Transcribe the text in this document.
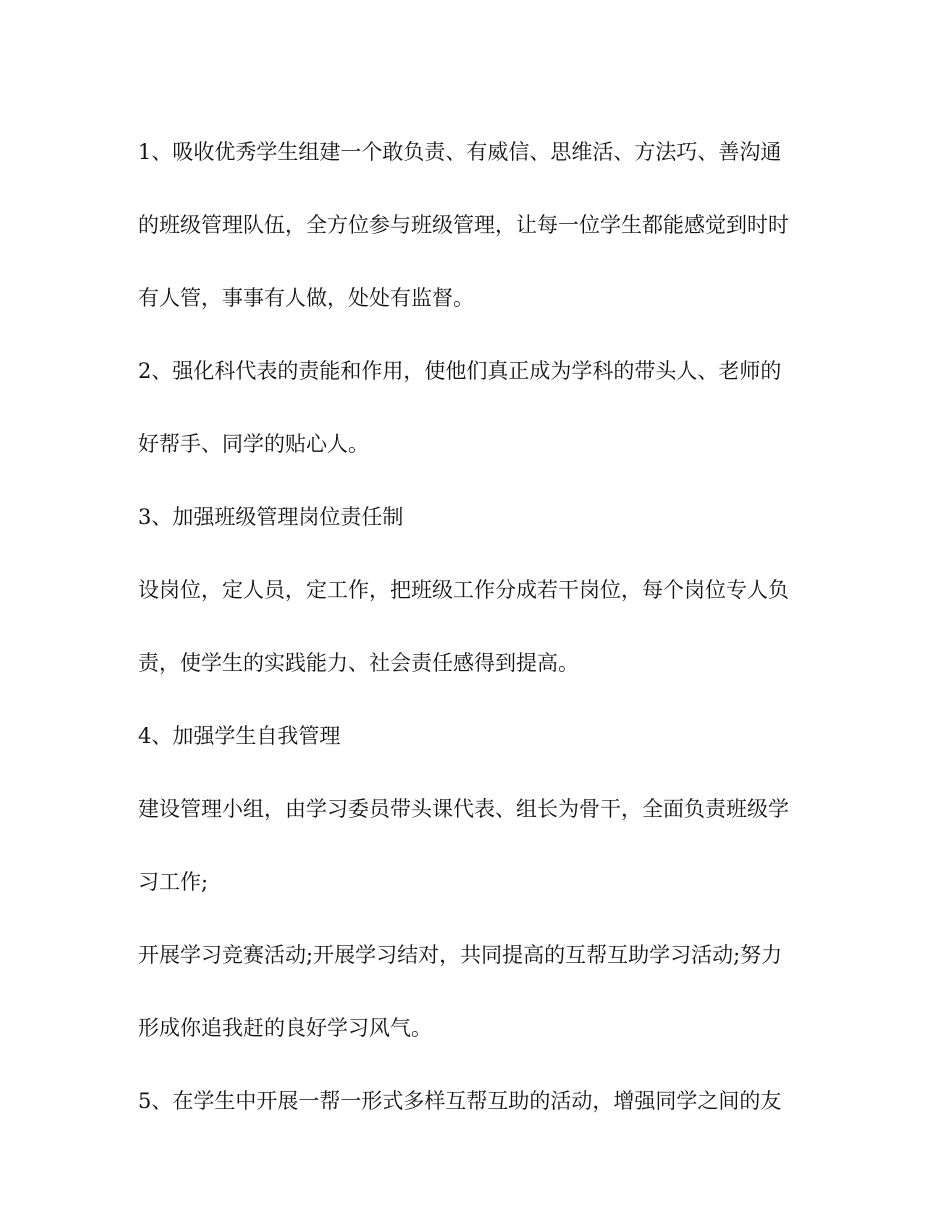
1、吸收优秀学生组建一个敢负责、有威信、思维活、方法巧、善沟通
的班级管理队伍，全方位参与班级管理，让每一位学生都能感觉到时时
有人管，事事有人做，处处有监督。
2、强化科代表的责能和作用，使他们真正成为学科的带头人、老师的
好帮手、同学的贴心人。
3、加强班级管理岗位责任制
设岗位，定人员，定工作，把班级工作分成若干岗位，每个岗位专人负
责，使学生的实践能力、社会责任感得到提高。
4、加强学生自我管理
建设管理小组，由学习委员带头课代表、组长为骨干，全面负责班级学
习工作;
开展学习竞赛活动;开展学习结对，共同提高的互帮互助学习活动;努力
形成你追我赶的良好学习风气。
5、在学生中开展一帮一形式多样互帮互助的活动，增强同学之间的友
